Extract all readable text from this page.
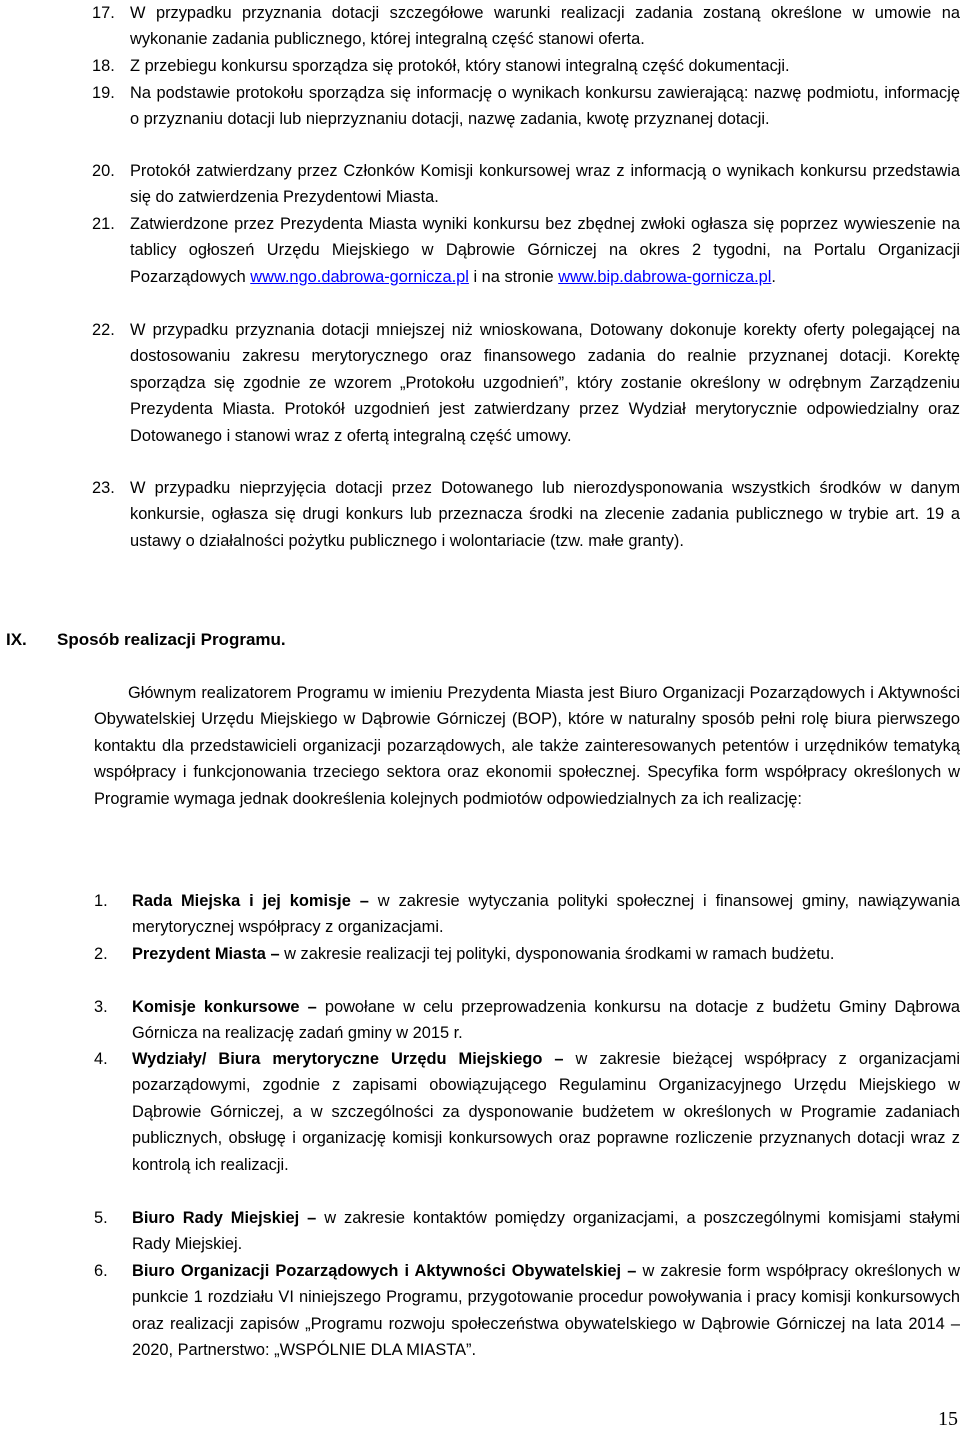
17. W przypadku przyznania dotacji szczegółowe warunki realizacji zadania zostaną określone w umowie na wykonanie zadania publicznego, której integralną część stanowi oferta.
18. Z przebiegu konkursu sporządza się protokół, który stanowi integralną część dokumentacji.
19. Na podstawie protokołu sporządza się informację o wynikach konkursu zawierającą: nazwę podmiotu, informację o przyznaniu dotacji lub nieprzyznaniu dotacji, nazwę zadania, kwotę przyznanej dotacji.
20. Protokół zatwierdzany przez Członków Komisji konkursowej wraz z informacją o wynikach konkursu przedstawia się do zatwierdzenia Prezydentowi Miasta.
21. Zatwierdzone przez Prezydenta Miasta wyniki konkursu bez zbędnej zwłoki ogłasza się poprzez wywieszenie na tablicy ogłoszeń Urzędu Miejskiego w Dąbrowie Górniczej na okres 2 tygodni, na Portalu Organizacji Pozarządowych www.ngo.dabrowa-gornicza.pl i na stronie www.bip.dabrowa-gornicza.pl.
22. W przypadku przyznania dotacji mniejszej niż wnioskowana, Dotowany dokonuje korekty oferty polegającej na dostosowaniu zakresu merytorycznego oraz finansowego zadania do realnie przyznanej dotacji. Korektę sporządza się zgodnie ze wzorem „Protokołu uzgodnień”, który zostanie określony w odrębnym Zarządzeniu Prezydenta Miasta. Protokół uzgodnień jest zatwierdzany przez Wydział merytorycznie odpowiedzialny oraz Dotowanego i stanowi wraz z ofertą integralną część umowy.
23. W przypadku nieprzyjęcia dotacji przez Dotowanego lub nierozdysponowania wszystkich środków w danym konkursie, ogłasza się drugi konkurs lub przeznacza środki na zlecenie zadania publicznego w trybie art. 19 a ustawy o działalności pożytku publicznego i wolontariacie (tzw. małe granty).
IX. Sposób realizacji Programu.
Głównym realizatorem Programu w imieniu Prezydenta Miasta jest Biuro Organizacji Pozarządowych i Aktywności Obywatelskiej Urzędu Miejskiego w Dąbrowie Górniczej (BOP), które w naturalny sposób pełni rolę biura pierwszego kontaktu dla przedstawicieli organizacji pozarządowych, ale także zainteresowanych petentów i urzędników tematyką współpracy i funkcjonowania trzeciego sektora oraz ekonomii społecznej. Specyfika form współpracy określonych w Programie wymaga jednak dookreślenia kolejnych podmiotów odpowiedzialnych za ich realizację:
1. Rada Miejska i jej komisje – w zakresie wytyczania polityki społecznej i finansowej gminy, nawiązywania merytorycznej współpracy z organizacjami.
2. Prezydent Miasta – w zakresie realizacji tej polityki, dysponowania środkami w ramach budżetu.
3. Komisje konkursowe – powołane w celu przeprowadzenia konkursu na dotacje z budżetu Gminy Dąbrowa Górnicza na realizację zadań gminy w 2015 r.
4. Wydziały/ Biura merytoryczne Urzędu Miejskiego – w zakresie bieżącej współpracy z organizacjami pozarządowymi, zgodnie z zapisami obowiązującego Regulaminu Organizacyjnego Urzędu Miejskiego w Dąbrowie Górniczej, a w szczególności za dysponowanie budżetem w określonych w Programie zadaniach publicznych, obsługę i organizację komisji konkursowych oraz poprawne rozliczenie przyznanych dotacji wraz z kontrolą ich realizacji.
5. Biuro Rady Miejskiej – w zakresie kontaktów pomiędzy organizacjami, a poszczególnymi komisjami stałymi Rady Miejskiej.
6. Biuro Organizacji Pozarządowych i Aktywności Obywatelskiej – w zakresie form współpracy określonych w punkcie 1 rozdziału VI niniejszego Programu, przygotowanie procedur powoływania i pracy komisji konkursowych oraz realizacji zapisów „Programu rozwoju społeczeństwa obywatelskiego w Dąbrowie Górniczej na lata 2014 – 2020, Partnerstwo: „WSPÓLNIE DLA MIASTA”.
15
